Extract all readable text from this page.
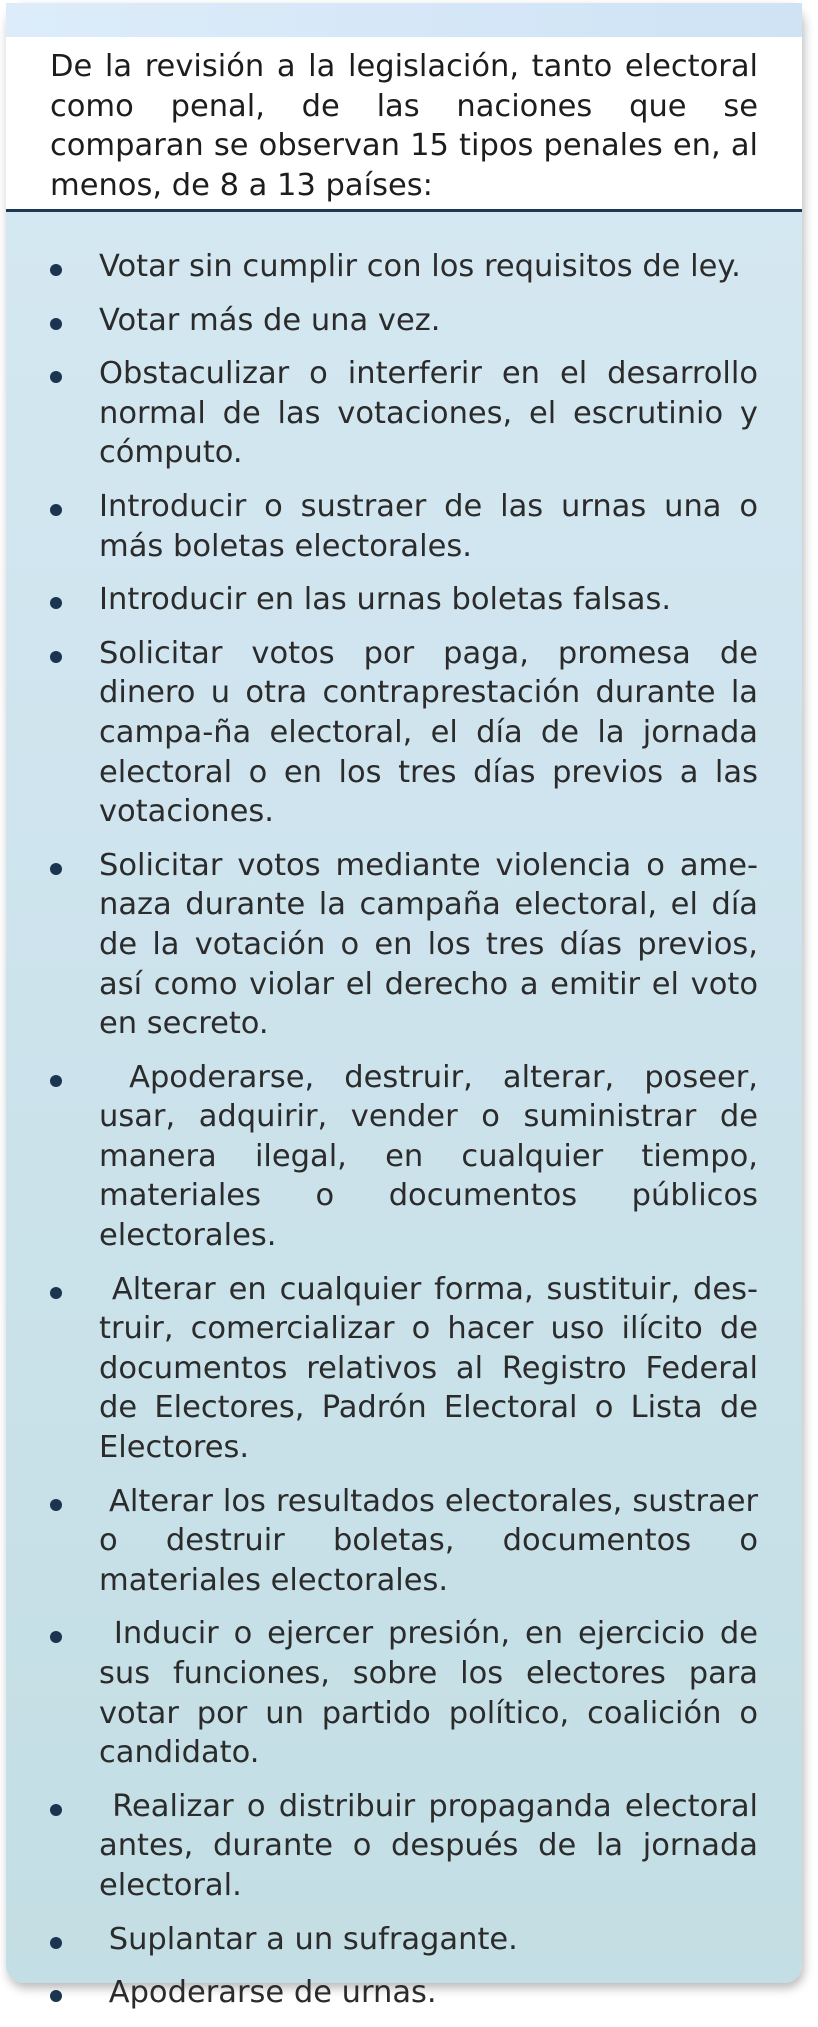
De la revisión a la legislación, tanto electoral como penal, de las naciones que se comparan se observan 15 tipos penales en, al menos, de 8 a 13 países:
Votar sin cumplir con los requisitos de ley.
Votar más de una vez.
Obstaculizar o interferir en el desarrollo normal de las votaciones, el escrutinio y cómputo.
Introducir o sustraer de las urnas una o más boletas electorales.
Introducir en las urnas boletas falsas.
Solicitar votos por paga, promesa de dinero u otra contraprestación durante la campa-ña electoral, el día de la jornada electoral o en los tres días previos a las votaciones.
Solicitar votos mediante violencia o ame-naza durante la campaña electoral, el día de la votación o en los tres días previos, así como violar el derecho a emitir el voto en secreto.
Apoderarse, destruir, alterar, poseer, usar, adquirir, vender o suministrar de manera ilegal, en cualquier tiempo, materiales o documentos públicos electorales.
Alterar en cualquier forma, sustituir, des-truir, comercializar o hacer uso ilícito de documentos relativos al Registro Federal de Electores, Padrón Electoral o Lista de Electores.
Alterar los resultados electorales, sustraer o destruir boletas, documentos o materiales electorales.
Inducir o ejercer presión, en ejercicio de sus funciones, sobre los electores para votar por un partido político, coalición o candidato.
Realizar o distribuir propaganda electoral antes, durante o después de la jornada electoral.
Suplantar a un sufragante.
Apoderarse de urnas.
